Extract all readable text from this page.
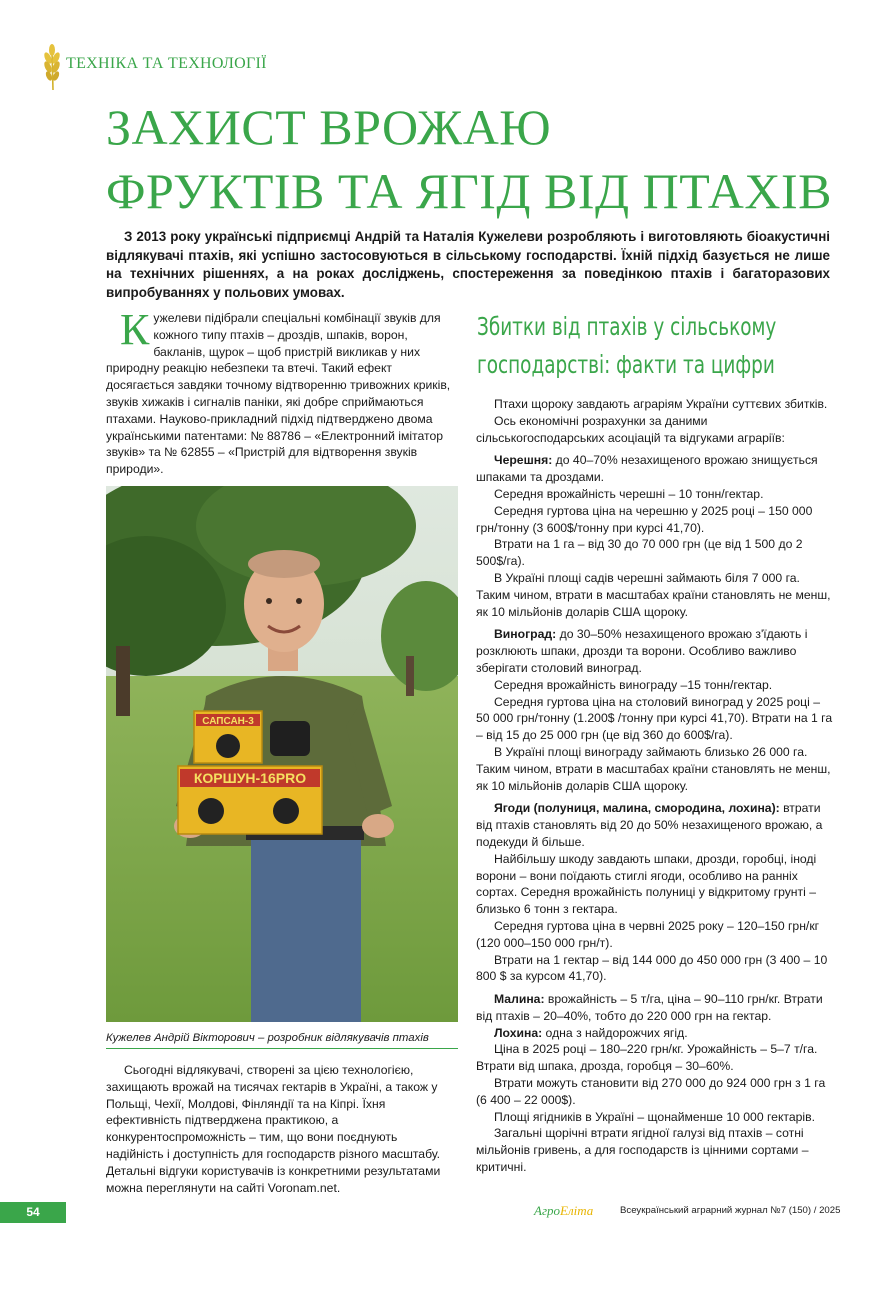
ТЕХНІКА ТА ТЕХНОЛОГІЇ
ЗАХИСТ ВРОЖАЮ
ФРУКТІВ ТА ЯГІД ВІД ПТАХІВ
З 2013 року українські підприємці Андрій та Наталія Кужелеви розробляють і виготовляють біоакустичні відлякувачі птахів, які успішно застосовуються в сільському господарстві. Їхній підхід базується не лише на технічних рішеннях, а на роках досліджень, спостереження за поведінкою птахів і багаторазових випробуваннях у польових умовах.
К ужелеви підібрали спеціальні комбінації звуків для кожного типу птахів – дроздів, шпаків, ворон, бакланів, щурок – щоб пристрій викликав у них природну реакцію небезпеки та втечі. Такий ефект досягається завдяки точному відтворенню тривожних криків, звуків хижаків і сигналів паніки, які добре сприймаються птахами. Науково-прикладний підхід підтверджено двома українськими патентами: № 88786 – «Електронний імітатор звуків» та № 62855 – «Пристрій для відтворення звуків природи».

САПСАН-3
КОРШУН-16PRO
Кужелев Андрій Вікторович – розробник відлякувачів птахів

Сьогодні відлякувачі, створені за цією технологією, захищають врожай на тисячах гектарів в Україні, а також у Польщі, Чехії, Молдові, Фінляндії та на Кіпрі. Їхня ефективність підтверджена практикою, а конкурентоспроможність – тим, що вони поєднують надійність і доступність для господарств різного масштабу. Детальні відгуки користувачів із конкретними результатами можна переглянути на сайті Voronam.net.

Збитки від птахів у сільському
господарстві: факти та цифри

Птахи щороку завдають аграріям України суттєвих збитків.

Ось економічні розрахунки за даними сільськогосподарських асоціацій та відгуками аграріїв:

Черешня: до 40–70% незахищеного врожаю знищується шпаками та дроздами.

Середня врожайність черешні – 10 тонн/гектар.

Середня гуртова ціна на черешню у 2025 році – 150 000 грн/тонну (3 600$/тонну при курсі 41,70).

Втрати на 1 га – від 30 до 70 000 грн (це від 1 500 до 2 500$/га).

В Україні площі садів черешні займають біля 7 000 га. Таким чином, втрати в масштабах країни становлять не менш, як 10 мільйонів доларів США щороку.

Виноград: до 30–50% незахищеного врожаю з'їдають і розклюють шпаки, дрозди та ворони. Особливо важливо зберігати столовий виноград.

Середня врожайність винограду –15 тонн/гектар.

Середня гуртова ціна на столовий виноград у 2025 році – 50 000 грн/тонну (1.200$ /тонну при курсі 41,70). Втрати на 1 га – від 15 до 25 000 грн (це від 360 до 600$/га).

В Україні площі винограду займають близько 26 000 га. Таким чином, втрати в масштабах країни становлять не менш, як 10 мільйонів доларів США щороку.

Ягоди (полуниця, малина, смородина, лохина): втрати від птахів становлять від 20 до 50% незахищеного врожаю, а подекуди й більше.

Найбільшу шкоду завдають шпаки, дрозди, горобці, іноді ворони – вони поїдають стиглі ягоди, особливо на ранніх сортах. Середня врожайність полуниці у відкритому грунті – близько 6 тонн з гектара.

Середня гуртова ціна в червні 2025 року – 120–150 грн/кг (120 000–150 000 грн/т).

Втрати на 1 гектар – від 144 000 до 450 000 грн (3 400 – 10 800 $ за курсом 41,70).

Малина: врожайність – 5 т/га, ціна – 90–110 грн/кг. Втрати від птахів – 20–40%, тобто до 220 000 грн на гектар.

Лохина: одна з найдорожчих ягід.

Ціна в 2025 році – 180–220 грн/кг. Урожайність – 5–7 т/га. Втрати від шпака, дрозда, горобця – 30–60%.

Втрати можуть становити від 270 000 до 924 000 грн з 1 га (6 400 – 22 000$).

Площі ягідників в Україні – щонайменше 10 000 гектарів.

Загальні щорічні втрати ягідної галузі від птахів – сотні мільйонів гривень, а для господарств із цінними сортами – критичні.

54	АгроЕліта	Всеукраїнський аграрний журнал №7 (150) / 2025
